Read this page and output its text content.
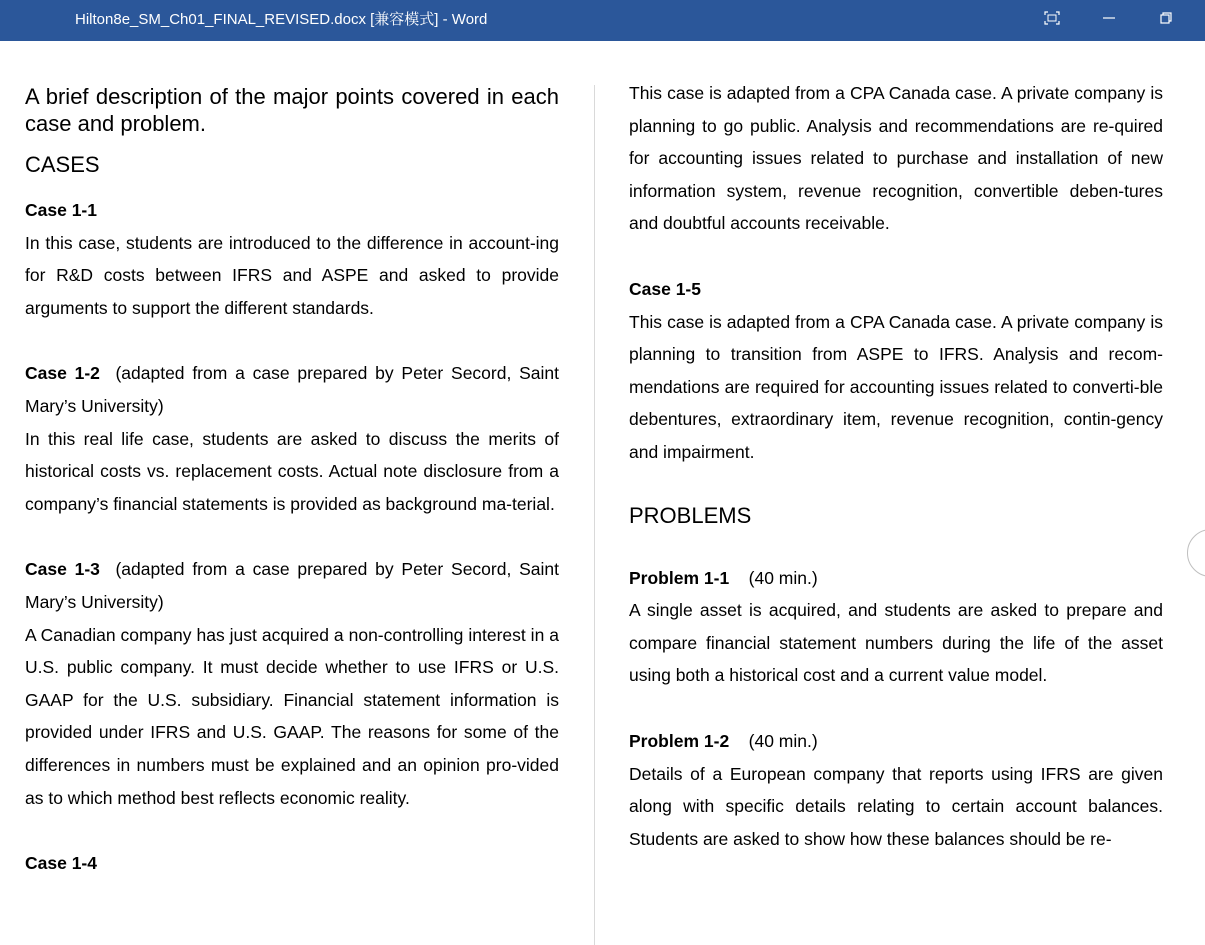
Hilton8e_SM_Ch01_FINAL_REVISED.docx [兼容模式] - Word

A brief description of the major points covered in each case and problem.

CASES

Case 1-1

In this case, students are introduced to the difference in account-ing for R&D costs between IFRS and ASPE and asked to provide arguments to support the different standards.

Case 1-2  (adapted from a case prepared by Peter Secord, Saint Mary’s University)

In this real life case, students are asked to discuss the merits of historical costs vs. replacement costs. Actual note disclosure from a company’s financial statements is provided as background ma-terial.

Case 1-3  (adapted from a case prepared by Peter Secord, Saint Mary’s University)

A Canadian company has just acquired a non-controlling interest in a U.S. public company. It must decide whether to use IFRS or U.S. GAAP for the U.S. subsidiary. Financial statement information is provided under IFRS and U.S. GAAP. The reasons for some of the differences in numbers must be explained and an opinion pro-vided as to which method best reflects economic reality.

Case 1-4

This case is adapted from a CPA Canada case. A private company is planning to go public. Analysis and recommendations are re-quired for accounting issues related to purchase and installation of new information system, revenue recognition, convertible deben-tures and doubtful accounts receivable.

Case 1-5

This case is adapted from a CPA Canada case. A private company is planning to transition from ASPE to IFRS. Analysis and recom-mendations are required for accounting issues related to converti-ble debentures, extraordinary item, revenue recognition, contin-gency and impairment.

PROBLEMS

Problem 1-1    (40 min.)

A single asset is acquired, and students are asked to prepare and compare financial statement numbers during the life of the asset using both a historical cost and a current value model.

Problem 1-2    (40 min.)

Details of a European company that reports using IFRS are given along with specific details relating to certain account balances. Students are asked to show how these balances should be re-
